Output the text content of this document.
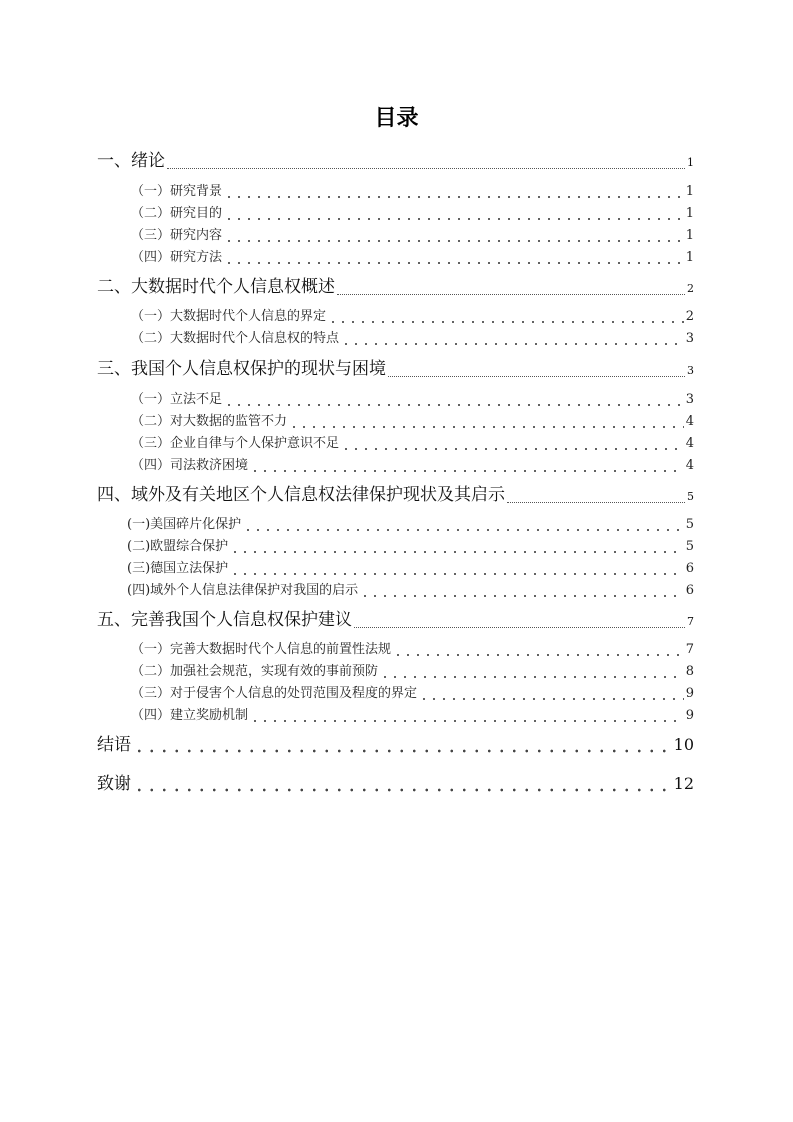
目录
一、绪论	1
（一）研究背景	1
（二）研究目的	1
（三）研究内容	1
（四）研究方法	1
二、大数据时代个人信息权概述	2
（一）大数据时代个人信息的界定	2
（二）大数据时代个人信息权的特点	3
三、我国个人信息权保护的现状与困境	3
（一）立法不足	3
（二）对大数据的监管不力	4
（三）企业自律与个人保护意识不足	4
（四）司法救济困境	4
四、域外及有关地区个人信息权法律保护现状及其启示	5
(一)美国碎片化保护	5
(二)欧盟综合保护	5
(三)德国立法保护	6
(四)域外个人信息法律保护对我国的启示	6
五、完善我国个人信息权保护建议	7
（一）完善大数据时代个人信息的前置性法规	7
（二）加强社会规范，实现有效的事前预防	8
（三）对于侵害个人信息的处罚范围及程度的界定	9
（四）建立奖励机制	9
结语	10
致谢	12
